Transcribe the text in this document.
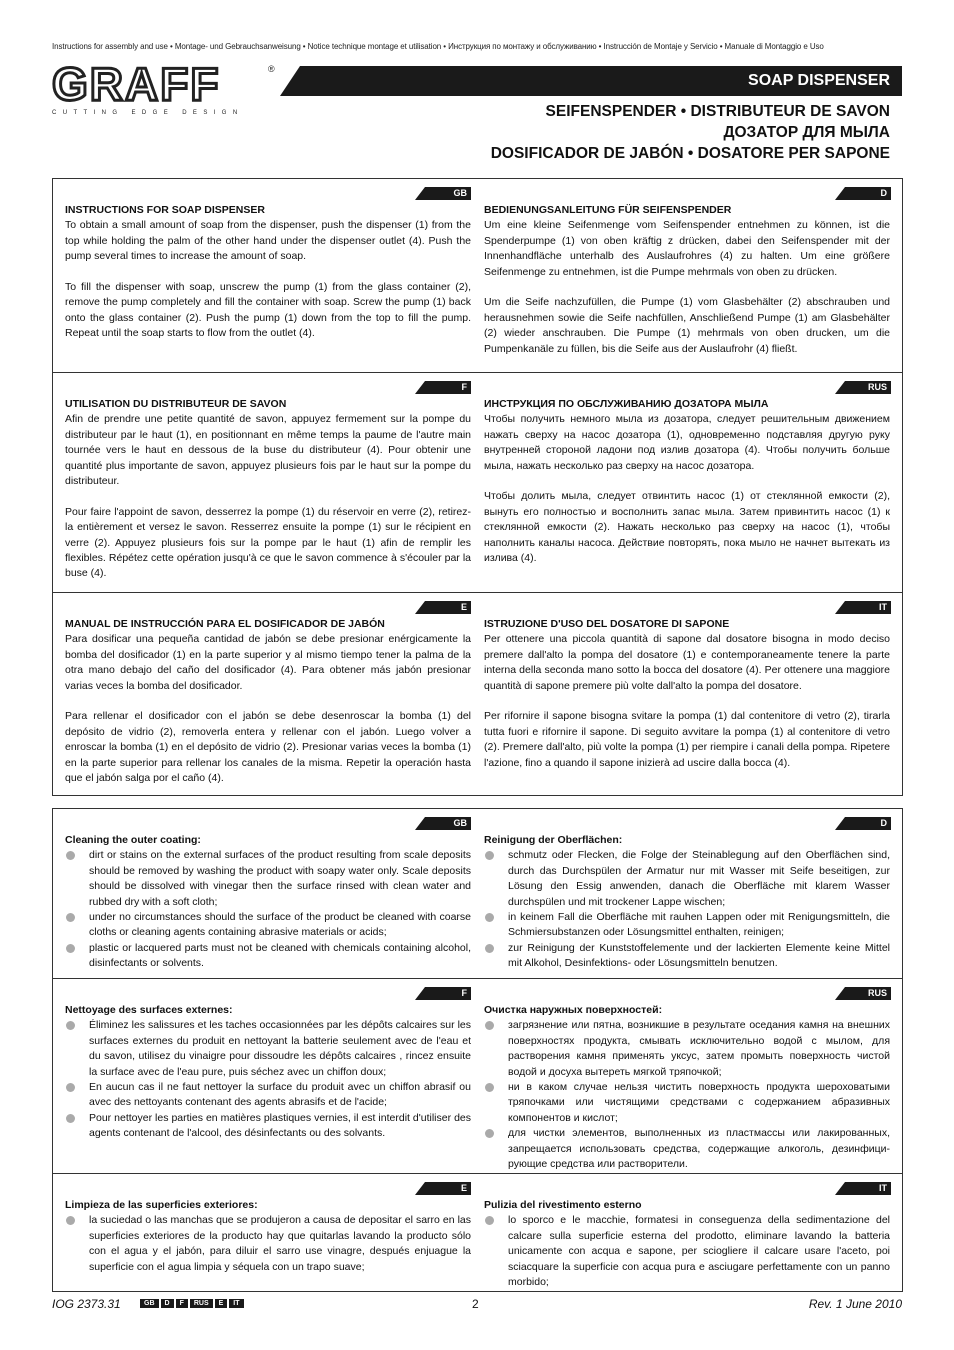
Instructions for assembly and use • Montage- und Gebrauchsanweisung • Notice technique montage et utilisation • Инструкция по монтажу и обслуживанию • Instrucción de Montaje y Servicio • Manuale di Montaggio e Uso
GRAFF	®
CUTTING EDGE DESIGN
SOAP DISPENSER
SEIFENSPENDER • DISTRIBUTEUR DE SAVON
ДОЗАТОР ДЛЯ МЫЛА
DOSIFICADOR DE JABÓN • DOSATORE PER SAPONE
GB
INSTRUCTIONS FOR SOAP DISPENSER

To obtain a small amount of soap from the dispenser, push the dispenser (1) from the top while holding the palm of the other hand under the dispenser outlet (4). Push the pump several times to increase the amount of soap.

To fill the dispenser with soap, unscrew the pump (1) from the glass container (2), remove the pump completely and fill the container with soap. Screw the pump (1) back onto the glass container (2). Push the pump (1) down from the top to fill the pump. Repeat until the soap starts to flow from the outlet (4).

D
BEDIENUNGSANLEITUNG FÜR SEIFENSPENDER

Um eine kleine Seifenmenge vom Seifenspender entnehmen zu können, ist die Spenderpumpe (1) von oben kräftig z drücken, dabei den Seifenspender mit der Innenhandfläche unterhalb des Auslaufrohres (4) zu halten. Um eine größere Seifenmenge zu entnehmen, ist die Pumpe mehrmals von oben zu drücken.

Um die Seife nachzufüllen, die Pumpe (1) vom Glasbehälter (2) abschrauben und herausnehmen sowie die Seife nachfüllen, Anschließend Pumpe (1) am Glasbehälter (2) wieder anschrauben. Die Pumpe (1) mehrmals von oben drucken, um die Pumpenkanäle zu füllen, bis die Seife aus der Auslaufrohr (4) fließt.

F
UTILISATION DU DISTRIBUTEUR DE SAVON

Afin de prendre une petite quantité de savon, appuyez fermement sur la pompe du distributeur par le haut (1), en positionnant en même temps la paume de l'autre main tournée vers le haut en dessous de la buse du distributeur (4). Pour obtenir une quantité plus importante de savon, appuyez plusieurs fois par le haut sur la pompe du distributeur.

Pour faire l'appoint de savon, desserrez la pompe (1) du réservoir en verre (2), retirez-la entièrement et versez le savon. Resserrez ensuite la pompe (1) sur le récipient en verre (2). Appuyez plusieurs fois sur la pompe par le haut (1) afin de remplir les flexibles. Répétez cette opération jusqu'à ce que le savon commence à s'écouler par la buse (4).

RUS
ИНСТРУКЦИЯ ПО ОБСЛУЖИВАНИЮ ДОЗАТОРА МЫЛА

Чтобы получить немного мыла из дозатора, следует решительным движением нажать сверху на насос дозатора (1), одновременно подставляя другую руку внутренней стороной ладони под излив дозатора (4). Чтобы получить больше мыла, нажать несколько раз сверху на насос дозатора.

Чтобы долить мыла, следует отвинтить насос (1) от стеклянной емкости (2), вынуть его полностью и восполнить запас мыла. Затем привинтить насос (1) к стеклянной емкости (2). Нажать несколько раз сверху на насос (1), чтобы наполнить каналы насоса. Действие повторять, пока мыло не начнет вытекать из излива (4).

E
MANUAL DE INSTRUCCIÓN PARA EL DOSIFICADOR DE JABÓN

Para dosificar una pequeña cantidad de jabón se debe presionar enérgicamente la bomba del dosificador (1) en la parte superior y al mismo tiempo tener la palma de la otra mano debajo del caño del dosificador (4). Para obtener más jabón presionar varias veces la bomba del dosificador.

Para rellenar el dosificador con el jabón se debe desenroscar la bomba (1) del depósito de vidrio (2), removerla entera y rellenar con el jabón. Luego volver a enroscar la bomba (1) en el depósito de vidrio (2). Presionar varias veces la bomba (1) en la parte superior para rellenar los canales de la misma. Repetir la operación hasta que el jabón salga por el caño (4).

IT
ISTRUZIONE D'USO DEL DOSATORE DI SAPONE

Per ottenere una piccola quantità di sapone dal dosatore bisogna in modo deciso premere dall'alto la pompa del dosatore (1) e contemporaneamente tenere la parte interna della seconda mano sotto la bocca del dosatore (4). Per ottenere una maggiore quantità di sapone premere più volte dall'alto la pompa del dosatore.

Per rifornire il sapone bisogna svitare la pompa (1) dal contenitore di vetro (2), tirarla tutta fuori e rifornire il sapone. Di seguito avvitare la pompa (1) al contenitore di vetro (2). Premere dall'alto, più volte la pompa (1) per riempire i canali della pompa. Ripetere l'azione, fino a quando il sapone inizierà ad uscire dalla bocca (4).

GB
Cleaning the outer coating:
dirt or stains on the external surfaces of the product resulting from scale deposits should be removed by washing the product with soapy water only. Scale deposits should be dissolved with vinegar then the surface rinsed with clean water and rubbed dry with a soft cloth;
under no circumstances should the surface of the product be cleaned with coarse cloths or cleaning agents containing abrasive materials or acids;
plastic or lacquered parts must not be cleaned with chemicals containing alcohol, disinfectants or solvents.
D
Reinigung der Oberflächen:
schmutz oder Flecken, die Folge der Steinablegung auf den Oberflächen sind, durch das Durchspülen der Armatur nur mit Wasser mit Seife beseitigen, zur Lösung den Essig anwenden, danach die Oberfläche mit klarem Wasser durchspülen und mit trockener Lappe wischen;
in keinem Fall die Oberfläche mit rauhen Lappen oder mit Renigungsmitteln, die Schmiersubstanzen oder Lösungsmittel enthalten, reinigen;
zur Reinigung der Kunststoffelemente und der lackierten Elemente keine Mittel mit Alkohol, Desinfektions- oder Lösungsmitteln benutzen.
F
Nettoyage des surfaces externes:
Éliminez les salissures et les taches occasionnées par les dépôts calcaires sur les surfaces externes du produit en nettoyant la batterie seulement avec de l'eau et du savon, utilisez du vinaigre pour dissoudre les dépôts calcaires , rincez ensuite la surface avec de l'eau pure, puis séchez avec un chiffon doux;
En aucun cas il ne faut nettoyer la surface du produit avec un chiffon abrasif ou avec des nettoyants contenant des agents abrasifs et de l'acide;
Pour nettoyer les parties en matières plastiques vernies, il est interdit d'utiliser des agents contenant de l'alcool, des désinfectants ou des solvants.
RUS
Очистка наружных поверхностей:
загрязнение или пятна, возникшие в результате оседания камня на внешних поверхностях продукта, смывать исключительно водой с мылом, для растворения камня применять уксус, затем промыть поверхность чистой водой и досуха вытереть мягкой тряпочкой;
ни в каком случае нельзя чистить поверхность продукта шероховатыми тряпочками или чистящими средствами с содержанием абразивных компонентов и кислот;
для чистки элементов, выполненных из пластмассы или лакированных, запрещается использовать средства, содержащие алкоголь, дезинфици-рующие средства или растворители.
E
Limpieza de las superficies exteriores:
la suciedad o las manchas que se produjeron a causa de depositar el sarro en las superficies exteriores de la producto hay que quitarlas lavando la producto sólo con el agua y el jabón, para diluir el sarro use vinagre, después enjuague la superficie con el agua limpia y séquela con un trapo suave;
IT
Pulizia del rivestimento esterno
lo sporco e le macchie, formatesi in conseguenza della sedimentazione del calcare sulla superficie esterna del prodotto, eliminare lavando la batteria unicamente con acqua e sapone, per sciogliere il calcare usare l'aceto, poi sciacquare la superficie con acqua pura e asciugare perfettamente con un panno morbido;
IOG 2373.31	GB	D	F	RUS	E	IT	2	Rev. 1 June 2010
